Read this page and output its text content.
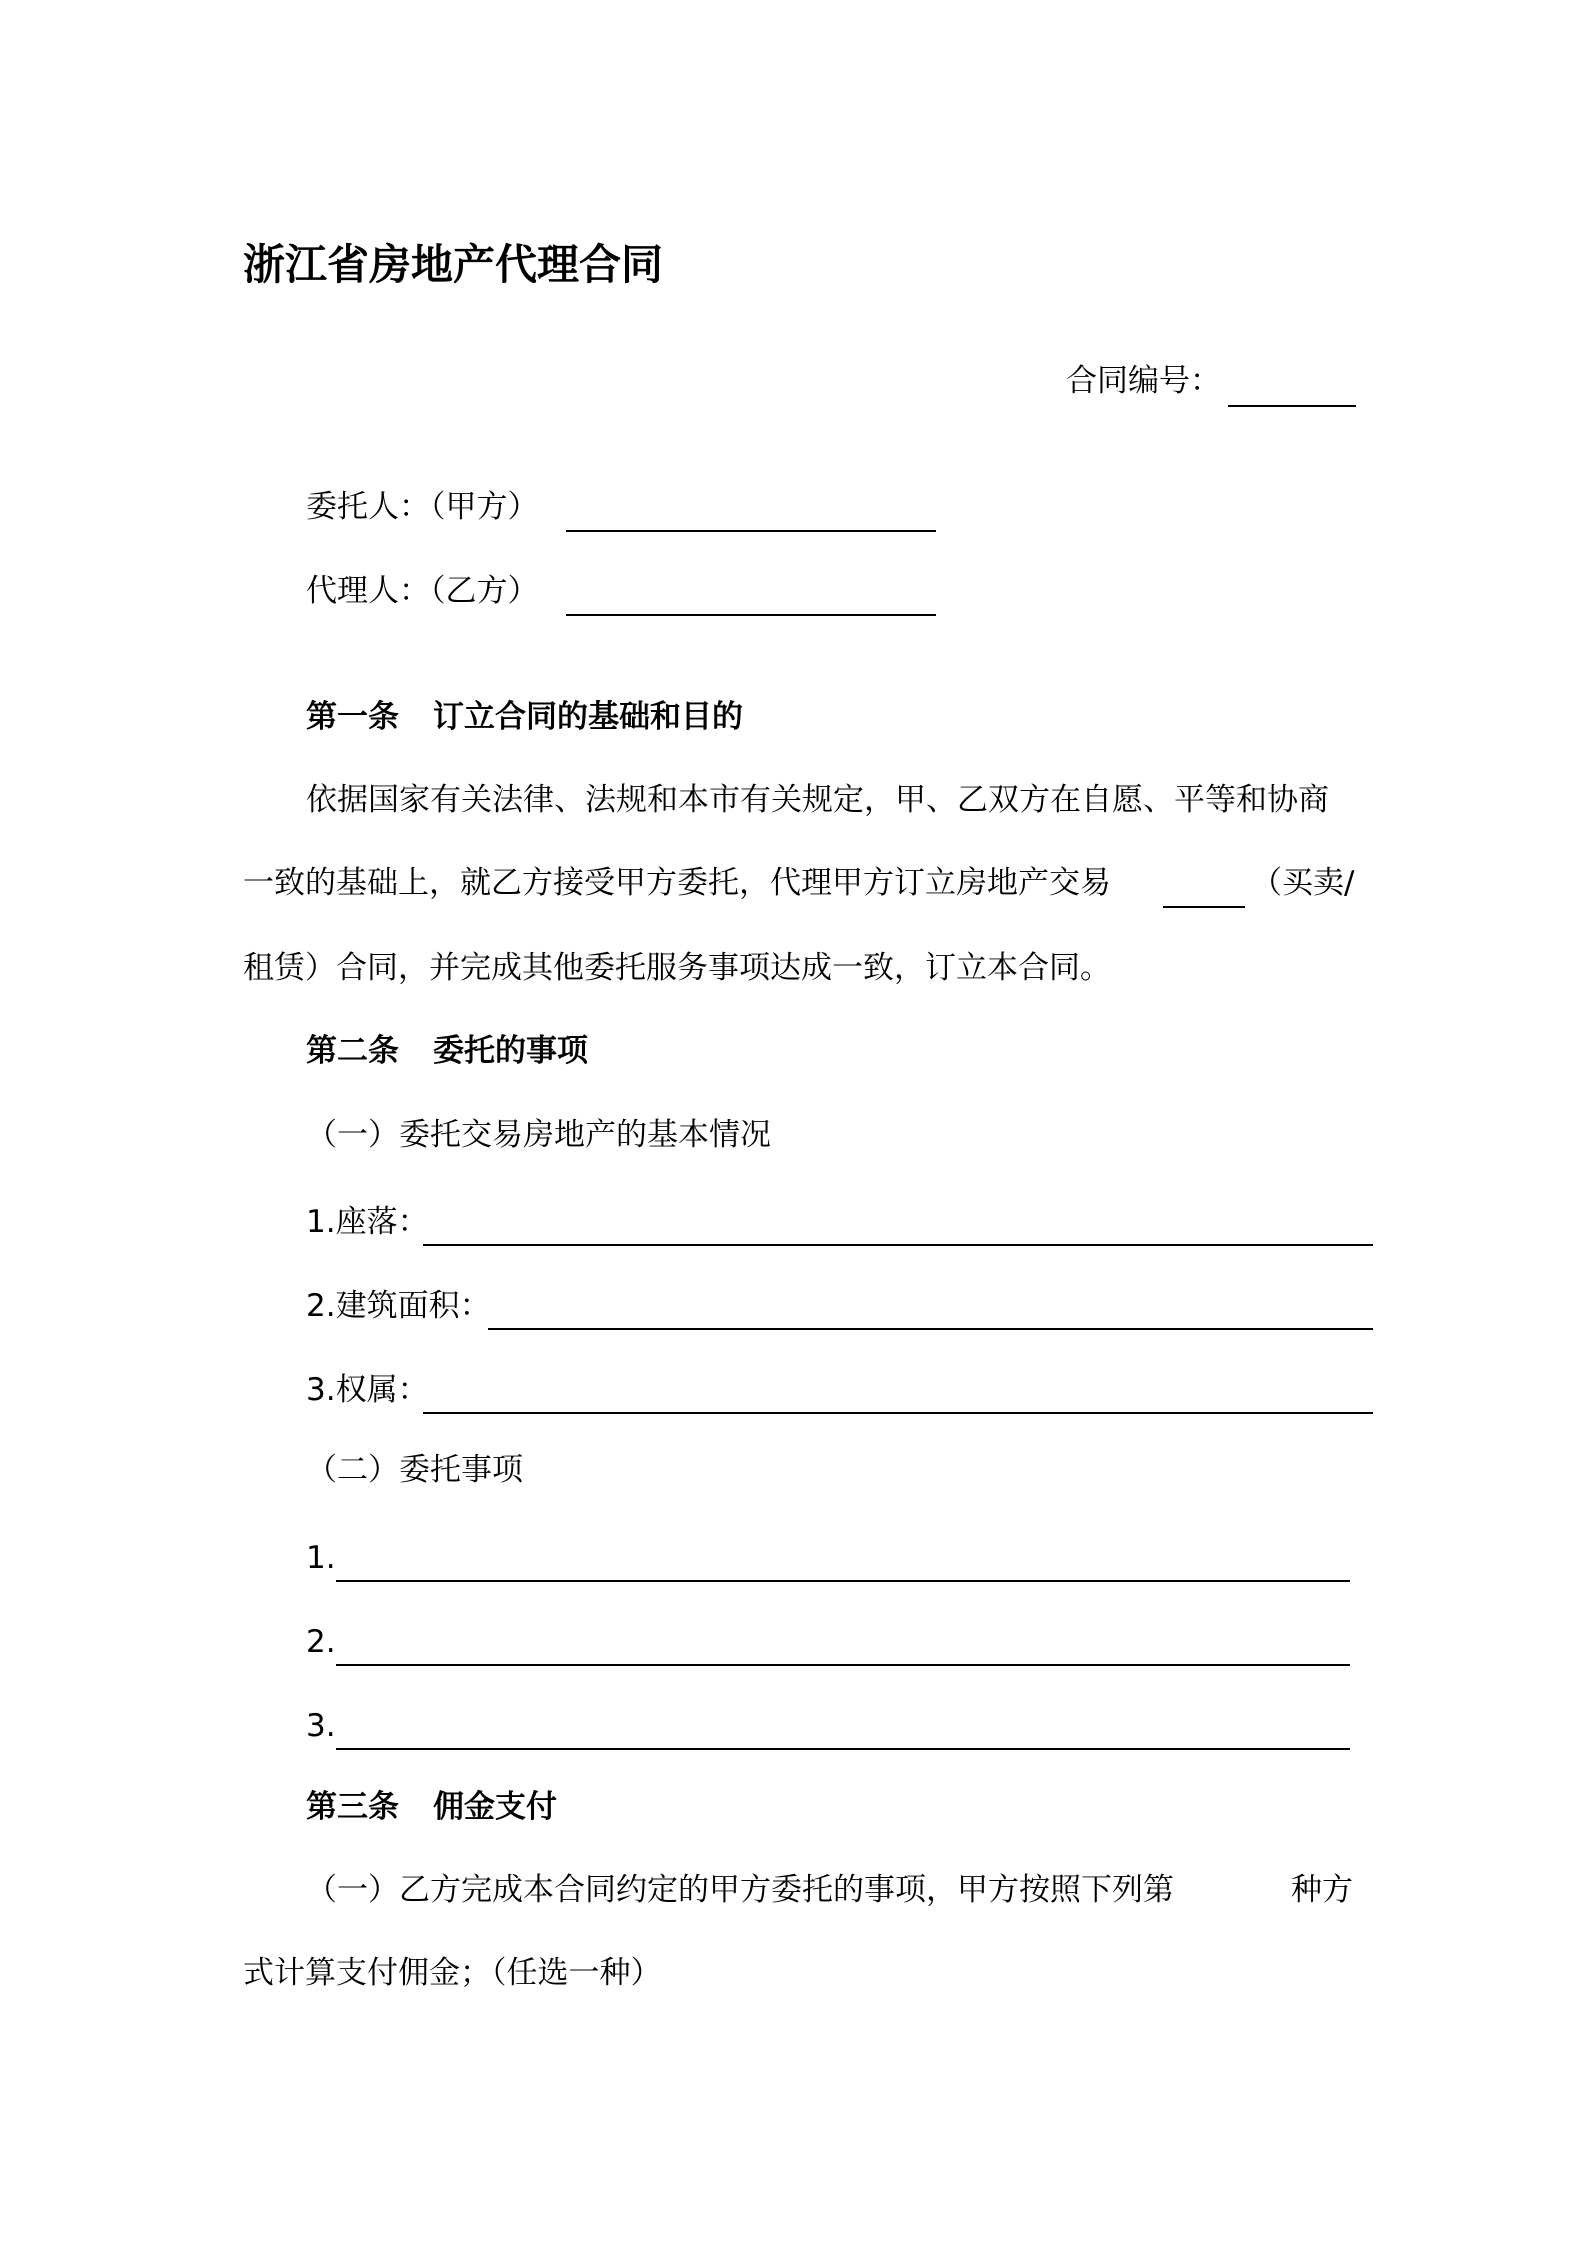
浙江省房地产代理合同
合同编号：
委托人：（甲方）
代理人：（乙方）
第一条 订立合同的基础和目的
依据国家有关法律、法规和本市有关规定，甲、乙双方在自愿、平等和协商
一致的基础上，就乙方接受甲方委托，代理甲方订立房地产交易	（买卖/
租赁）合同，并完成其他委托服务事项达成一致，订立本合同。
第二条 委托的事项
（一）委托交易房地产的基本情况
1.座落：
2.建筑面积：
3.权属：
（二）委托事项
1.
2.
3.
第三条 佣金支付
（一）乙方完成本合同约定的甲方委托的事项，甲方按照下列第	种方
式计算支付佣金；（任选一种）
